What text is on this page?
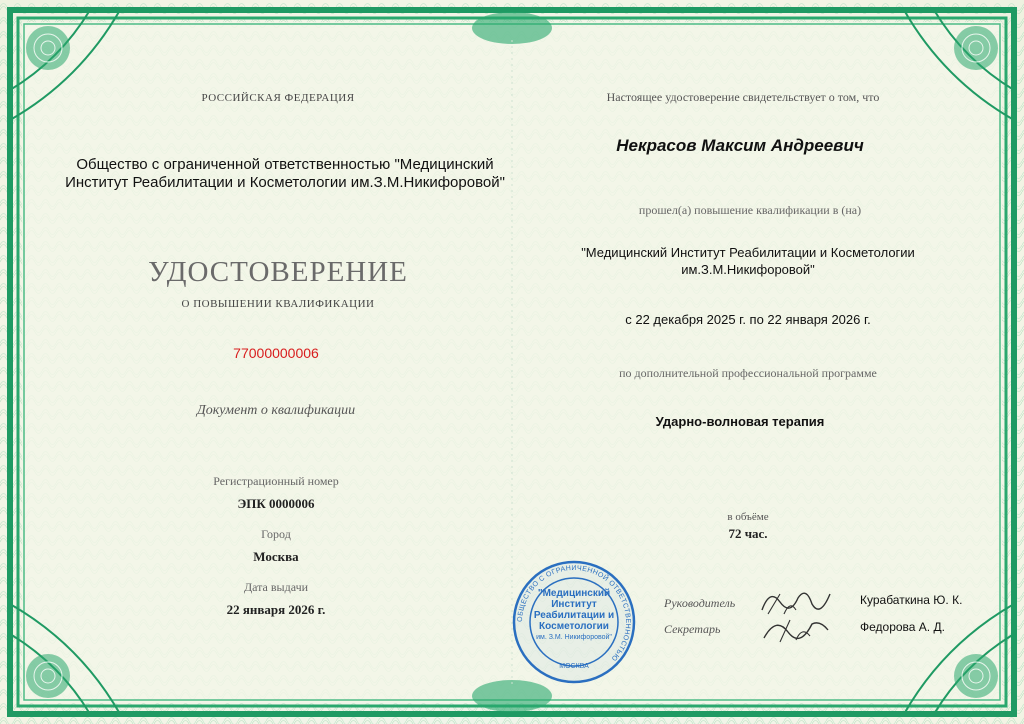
РОССИЙСКАЯ ФЕДЕРАЦИЯ
Общество с ограниченной ответственностью "Медицинский
Институт Реабилитации и Косметологии им.З.М.Никифоровой"
УДОСТОВЕРЕНИЕ
О ПОВЫШЕНИИ КВАЛИФИКАЦИИ
77000000006
Документ о квалификации
Регистрационный номер
ЭПК 0000006
Город
Москва
Дата выдачи
22 января 2026 г.
Настоящее удостоверение свидетельствует о том, что
Некрасов Максим Андреевич
прошел(а) повышение квалификации в (на)
"Медицинский Институт Реабилитации и Косметологии
им.З.М.Никифоровой"
с 22 декабря 2025 г. по 22 января 2026 г.
по дополнительной профессиональной программе
Ударно-волновая терапия
в объёме
72 час.
Руководитель
Секретарь
Курабаткина Ю. К.
Федорова А. Д.
ОБЩЕСТВО С ОГРАНИЧЕННОЙ ОТВЕТСТВЕННОСТЬЮ
"Медицинский
Институт
Реабилитации и
Косметологии
им. З.М. Никифоровой"
МОСКВА
